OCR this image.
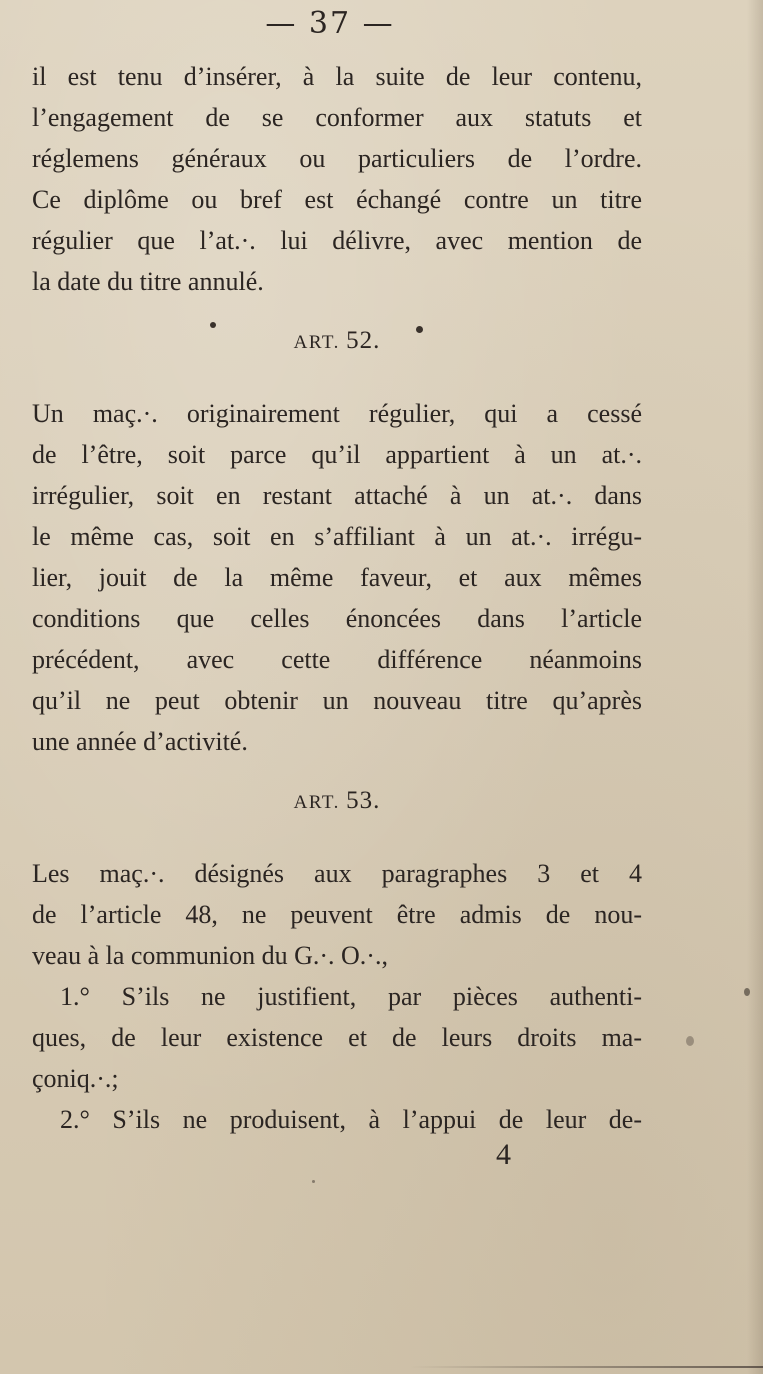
— 37 —
il est tenu d’insérer, à la suite de leur contenu,
l’engagement de se conformer aux statuts et
réglemens généraux ou particuliers de l’ordre.
Ce diplôme ou bref est échangé contre un titre
régulier que l’at.·. lui délivre, avec mention de
la date du titre annulé.
ART. 52.
Un maç.·. originairement régulier, qui a cessé
de l’être, soit parce qu’il appartient à un at.·.
irrégulier, soit en restant attaché à un at.·. dans
le même cas, soit en s’affiliant à un at.·. irrégu-
lier, jouit de la même faveur, et aux mêmes
conditions que celles énoncées dans l’article
précédent, avec cette différence néanmoins
qu’il ne peut obtenir un nouveau titre qu’après
une année d’activité.
ART. 53.
Les maç.·. désignés aux paragraphes 3 et 4
de l’article 48, ne peuvent être admis de nou-
veau à la communion du G.·. O.·.,
1.° S’ils ne justifient, par pièces authenti-
ques, de leur existence et de leurs droits ma-
çoniq.·.;
2.° S’ils ne produisent, à l’appui de leur de-
4
